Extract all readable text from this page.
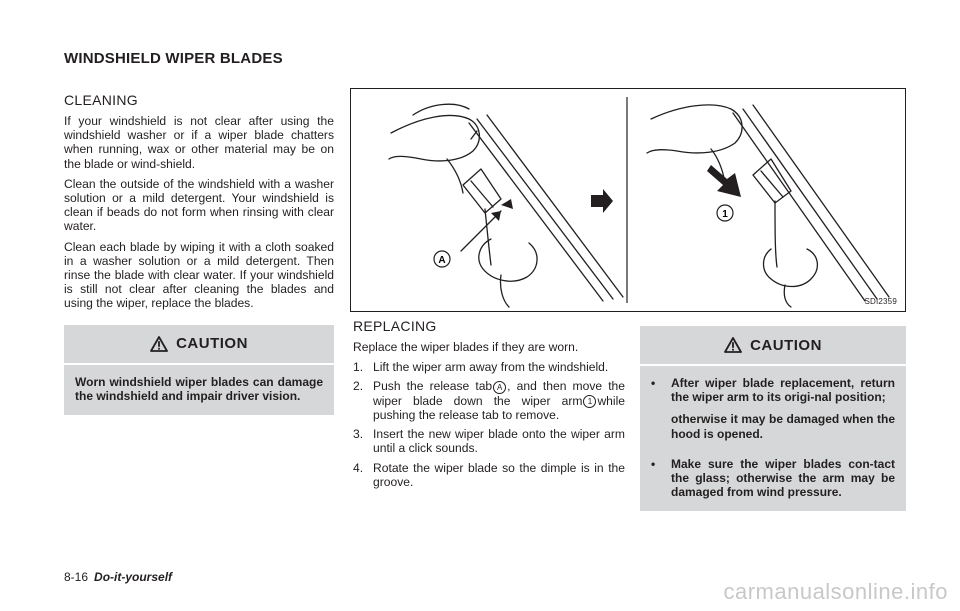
WINDSHIELD WIPER BLADES
CLEANING

If your windshield is not clear after using the windshield washer or if a wiper blade chatters when running, wax or other material may be on the blade or wind-shield.

Clean the outside of the windshield with a washer solution or a mild detergent. Your windshield is clean if beads do not form when rinsing with clear water.

Clean each blade by wiping it with a cloth soaked in a washer solution or a mild detergent. Then rinse the blade with clear water. If your windshield is still not clear after cleaning the blades and using the wiper, replace the blades.

CAUTION

Worn windshield wiper blades can damage the windshield and impair driver vision.

A
1
SDI2359
REPLACING

Replace the wiper blades if they are worn.

1. Lift the wiper arm away from the windshield.
2. Push the release tab A , and then move the wiper blade down the wiper arm 1 while pushing the release tab to remove.
3. Insert the new wiper blade onto the wiper arm until a click sounds.
4. Rotate the wiper blade so the dimple is in the groove.
CAUTION
•	After wiper blade replacement, return the wiper arm to its origi-nal position;

otherwise it may be damaged when the hood is opened.

•	Make sure the wiper blades con-tact the glass; otherwise the arm may be damaged from wind pressure.

8-16 Do-it-yourself
carmanualsonline.info
